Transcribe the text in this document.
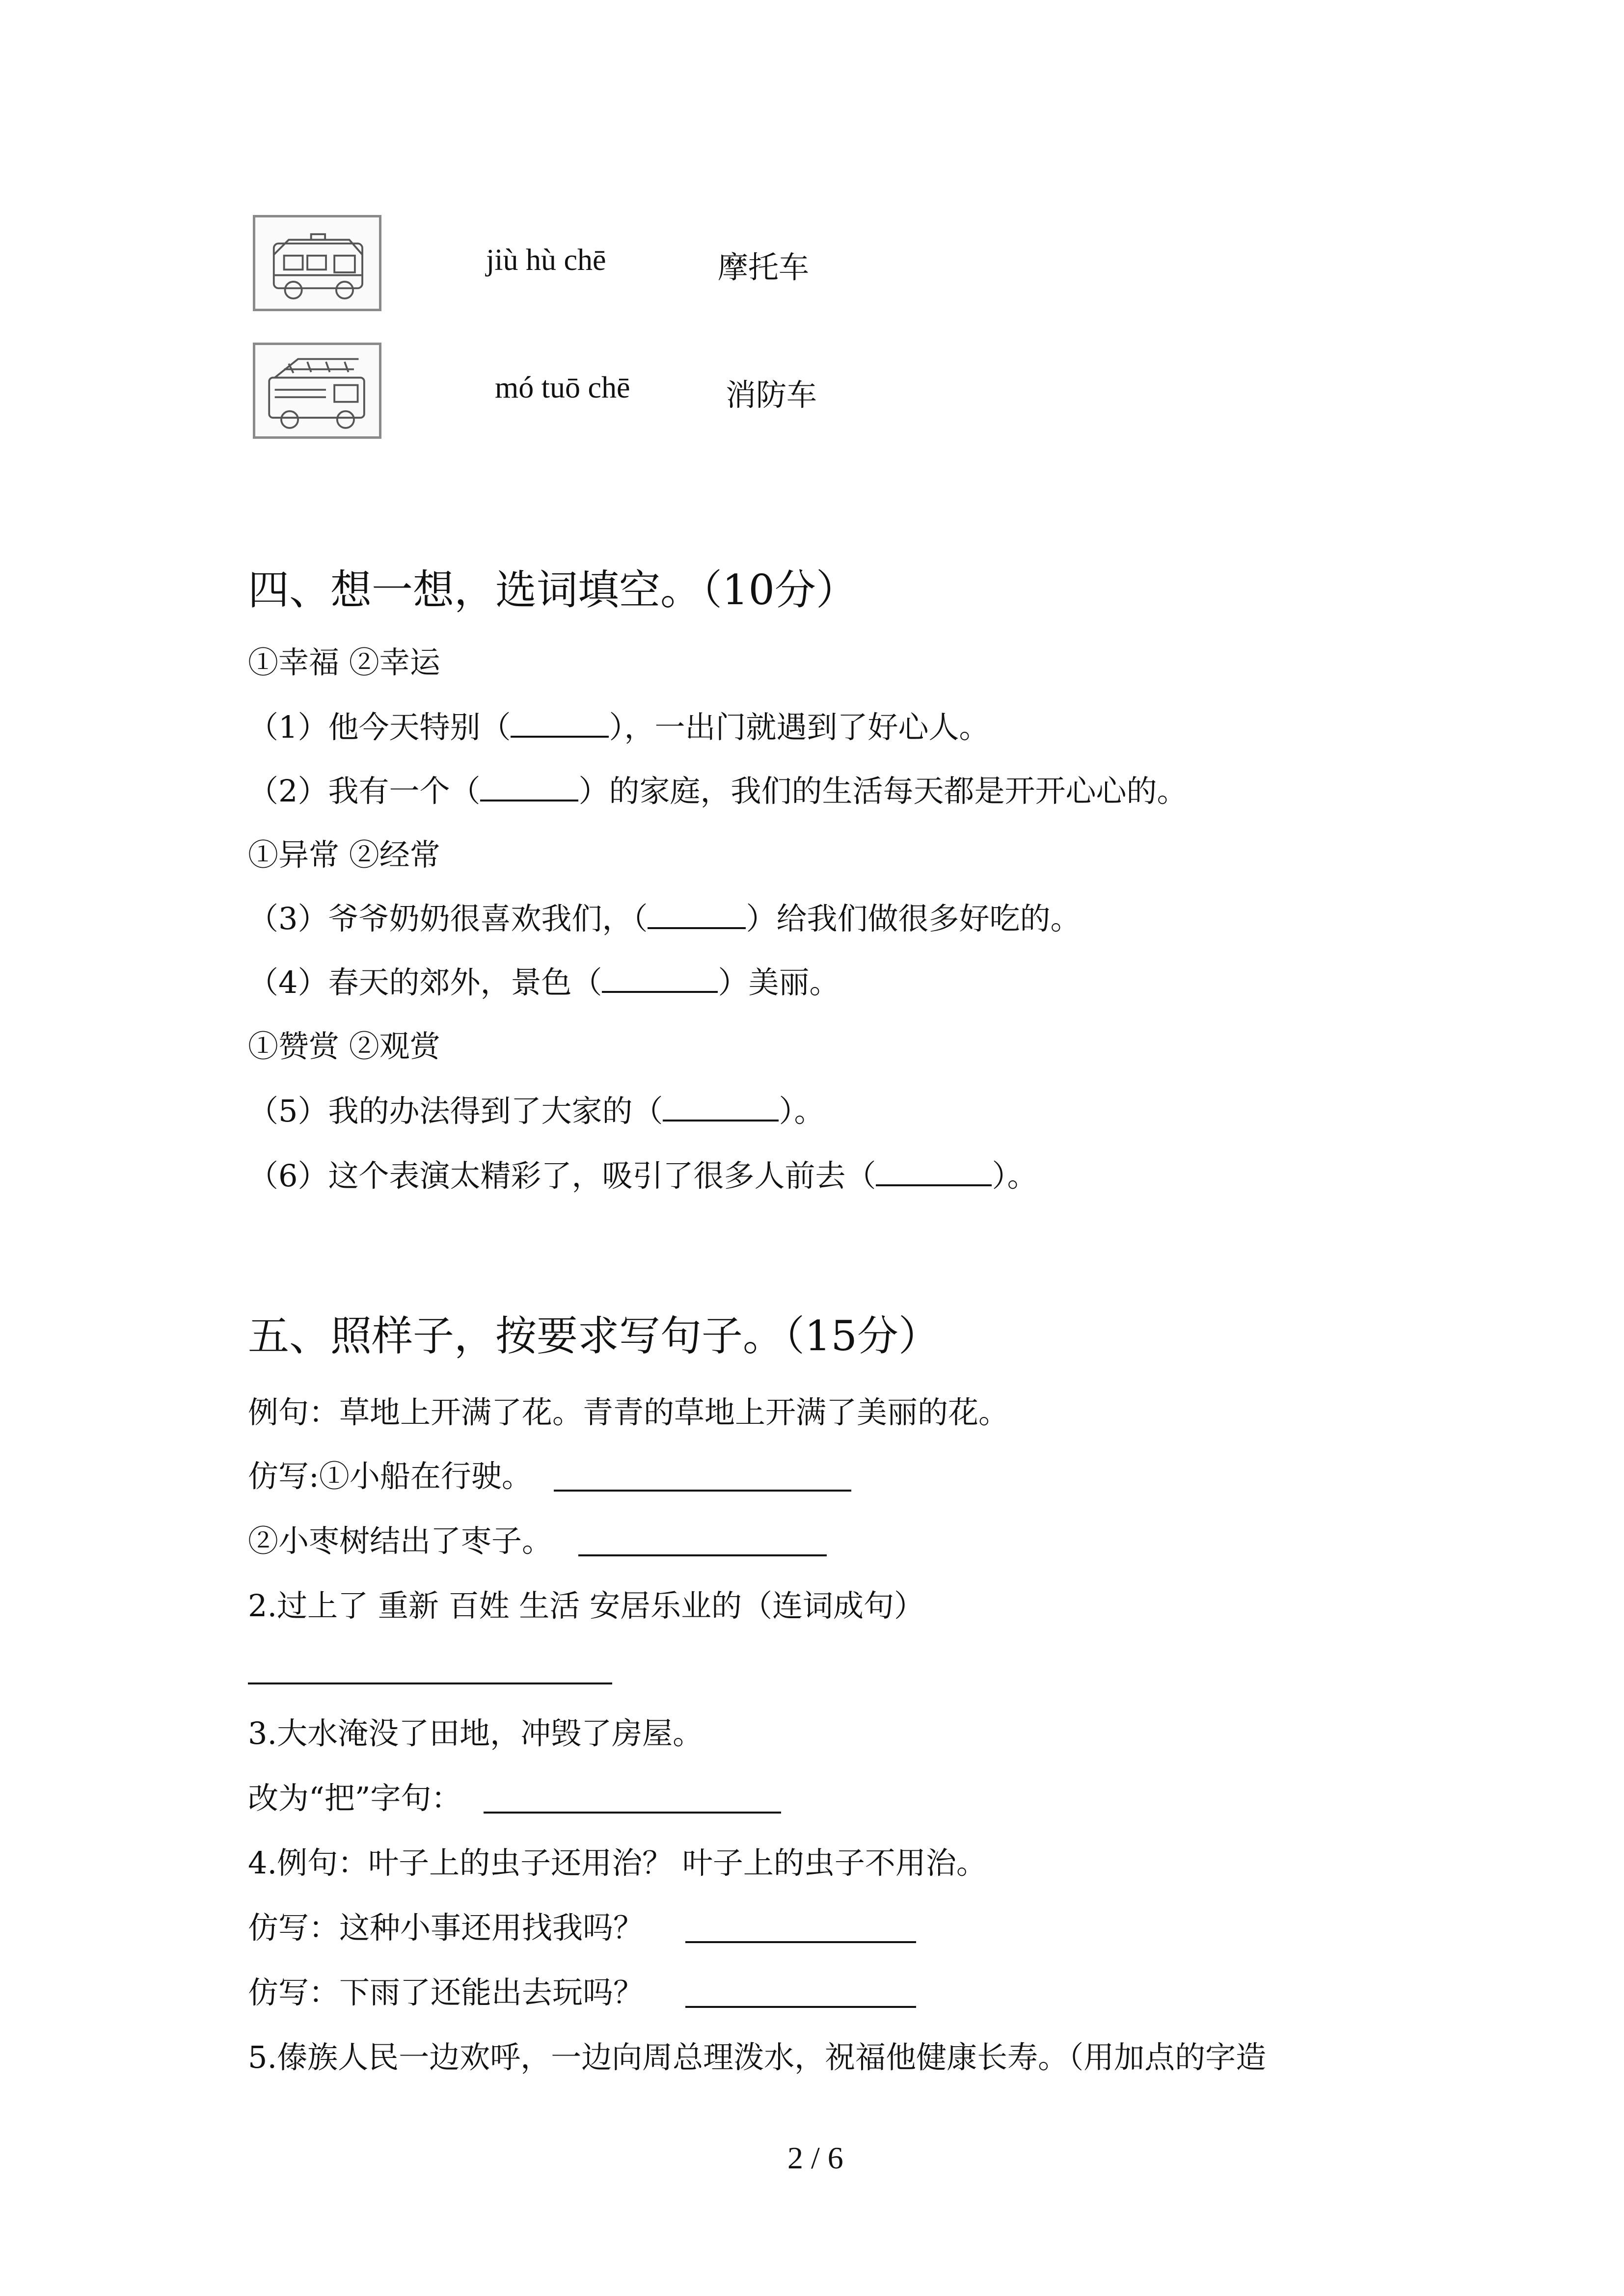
jiù hù chē	摩托车
mó tuō chē	消防车
四、想一想，选词填空。（10分）
①幸福 ②幸运
（1）他今天特别（	），一出门就遇到了好心人。
（2）我有一个（	）的家庭，我们的生活每天都是开开心心的。
①异常 ②经常
（3）爷爷奶奶很喜欢我们，（	）给我们做很多好吃的。
（4）春天的郊外，景色（	）美丽。
①赞赏 ②观赏
（5）我的办法得到了大家的（	）。
（6）这个表演太精彩了，吸引了很多人前去（	）。
五、照样子，按要求写句子。（15分）
例句：草地上开满了花。青青的草地上开满了美丽的花。
仿写:①小船在行驶。
②小枣树结出了枣子。
2.过上了 重新 百姓 生活 安居乐业的（连词成句）
3.大水淹没了田地，冲毁了房屋。
改为“把”字句：
4.例句：叶子上的虫子还用治？ 叶子上的虫子不用治。
仿写：这种小事还用找我吗？
仿写：下雨了还能出去玩吗？
5.傣族人民一边欢呼，一边向周总理泼水，祝福他健康长寿。（用加点的字造
2 / 6
